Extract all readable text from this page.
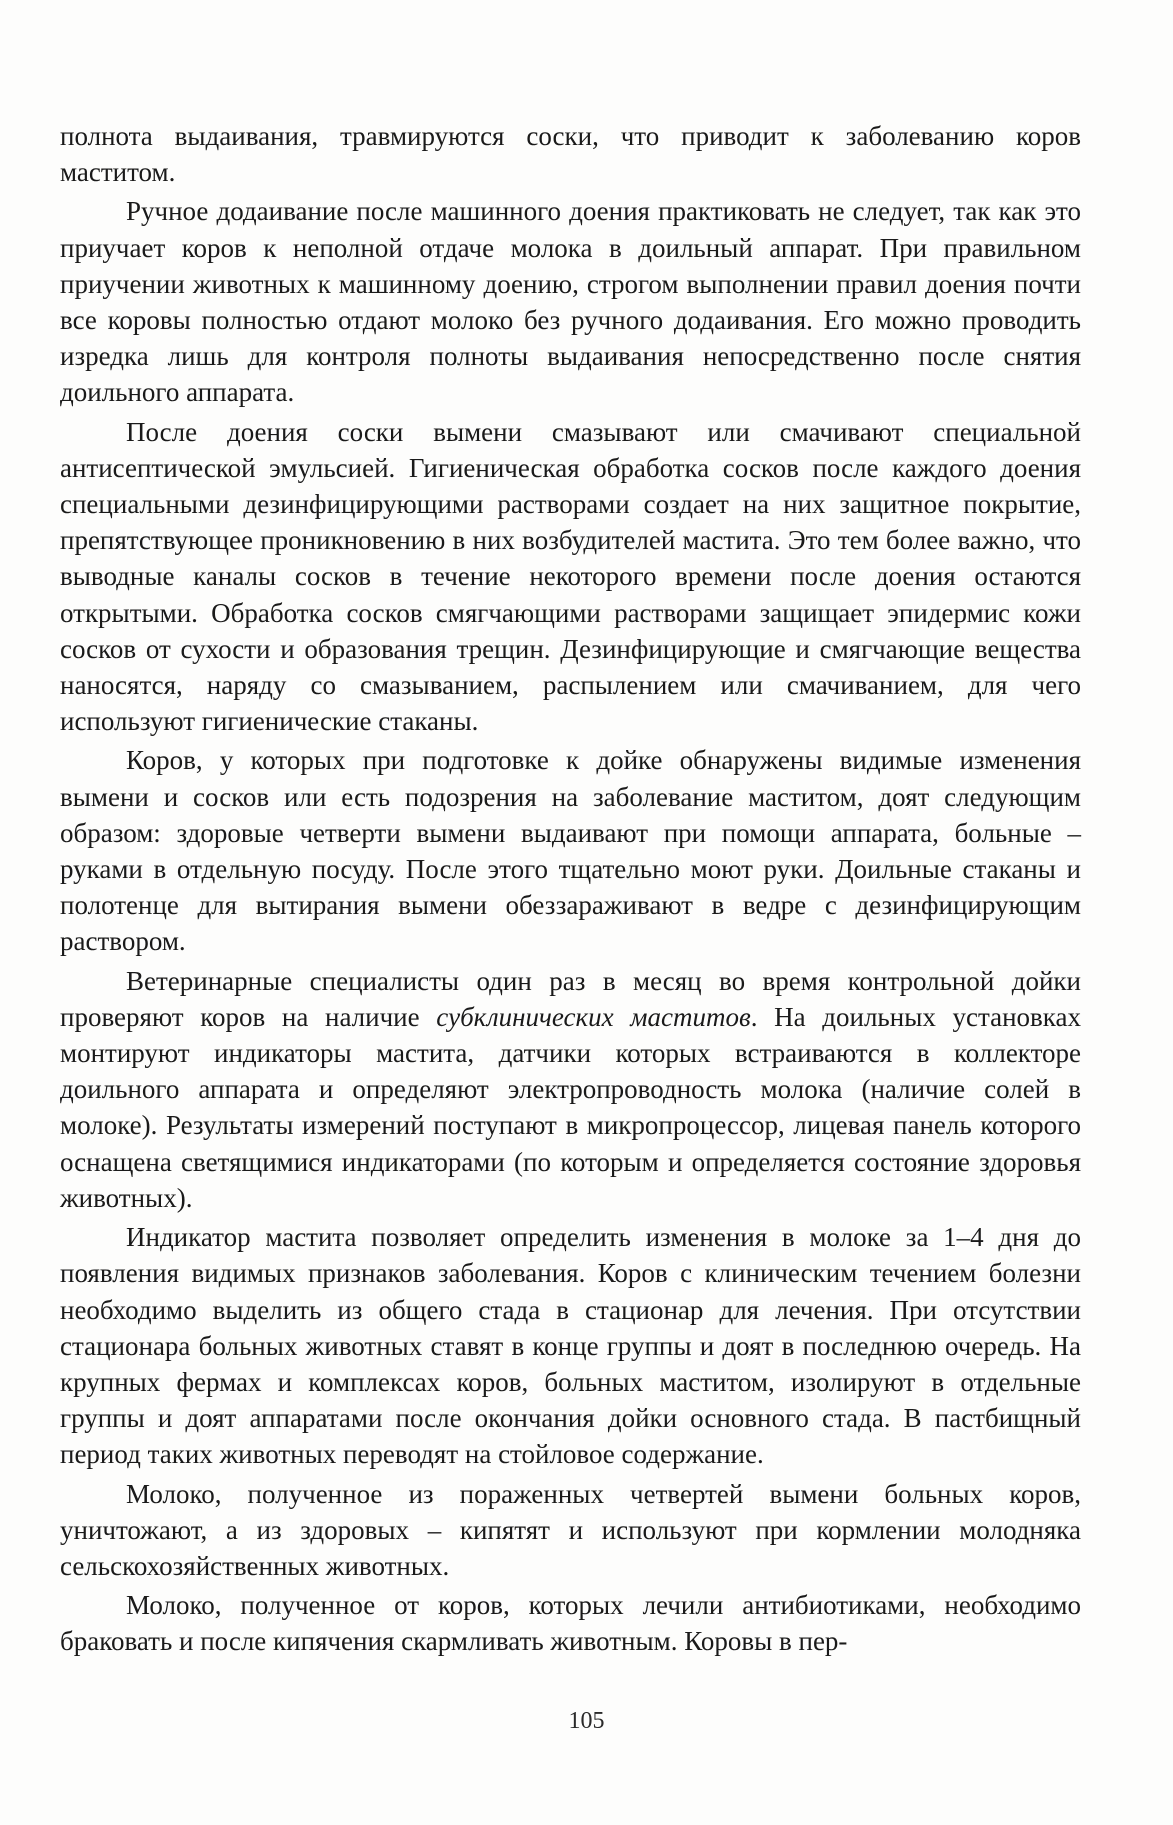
полнота выдаивания, травмируются соски, что приводит к заболеванию коров маститом.

Ручное додаивание после машинного доения практиковать не следует, так как это приучает коров к неполной отдаче молока в доильный аппарат. При правильном приучении животных к машинному доению, строгом выполнении правил доения почти все коровы полностью отдают молоко без ручного додаивания. Его можно проводить изредка лишь для контроля полноты выдаивания непосредственно после снятия доильного аппарата.

После доения соски вымени смазывают или смачивают специальной антисептической эмульсией. Гигиеническая обработка сосков после каждого доения специальными дезинфицирующими растворами создает на них защитное покрытие, препятствующее проникновению в них возбудителей мастита. Это тем более важно, что выводные каналы сосков в течение некоторого времени после доения остаются открытыми. Обработка сосков смягчающими растворами защищает эпидермис кожи сосков от сухости и образования трещин. Дезинфицирующие и смягчающие вещества наносятся, наряду со смазыванием, распылением или смачиванием, для чего используют гигиенические стаканы.

Коров, у которых при подготовке к дойке обнаружены видимые изменения вымени и сосков или есть подозрения на заболевание маститом, доят следующим образом: здоровые четверти вымени выдаивают при помощи аппарата, больные – руками в отдельную посуду. После этого тщательно моют руки. Доильные стаканы и полотенце для вытирания вымени обеззараживают в ведре с дезинфицирующим раствором.

Ветеринарные специалисты один раз в месяц во время контрольной дойки проверяют коров на наличие субклинических маститов. На доильных установках монтируют индикаторы мастита, датчики которых встраиваются в коллекторе доильного аппарата и определяют электропроводность молока (наличие солей в молоке). Результаты измерений поступают в микропроцессор, лицевая панель которого оснащена светящимися индикаторами (по которым и определяется состояние здоровья животных).

Индикатор мастита позволяет определить изменения в молоке за 1–4 дня до появления видимых признаков заболевания. Коров с клиническим течением болезни необходимо выделить из общего стада в стационар для лечения. При отсутствии стационара больных животных ставят в конце группы и доят в последнюю очередь. На крупных фермах и комплексах коров, больных маститом, изолируют в отдельные группы и доят аппаратами после окончания дойки основного стада. В пастбищный период таких животных переводят на стойловое содержание.

Молоко, полученное из пораженных четвертей вымени больных коров, уничтожают, а из здоровых – кипятят и используют при кормлении молодняка сельскохозяйственных животных.

Молоко, полученное от коров, которых лечили антибиотиками, необходимо браковать и после кипячения скармливать животным. Коровы в пер-

105
